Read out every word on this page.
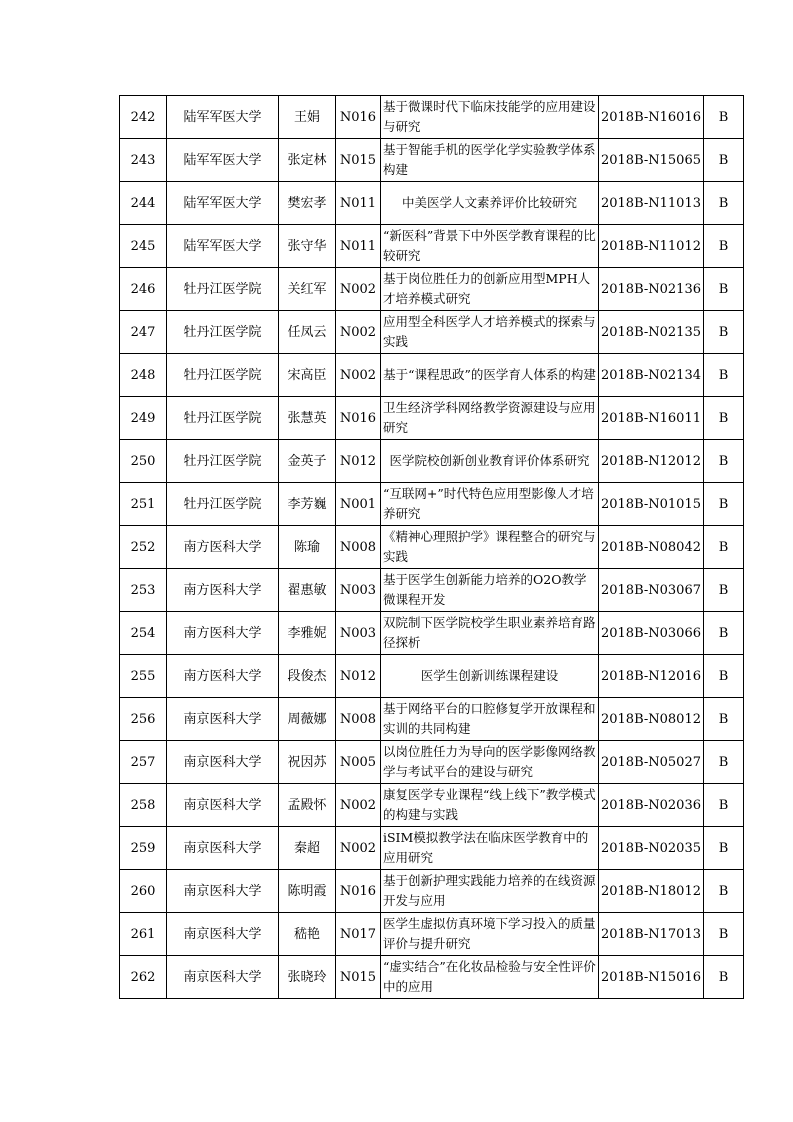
242	陆军军医大学	王娟	N016	基于微课时代下临床技能学的应用建设与研究	2018B-N16016	B
243	陆军军医大学	张定林	N015	基于智能手机的医学化学实验教学体系构建	2018B-N15065	B
244	陆军军医大学	樊宏孝	N011	中美医学人文素养评价比较研究	2018B-N11013	B
245	陆军军医大学	张守华	N011	“新医科”背景下中外医学教育课程的比较研究	2018B-N11012	B
246	牡丹江医学院	关红军	N002	基于岗位胜任力的创新应用型MPH人才培养模式研究	2018B-N02136	B
247	牡丹江医学院	任凤云	N002	应用型全科医学人才培养模式的探索与实践	2018B-N02135	B
248	牡丹江医学院	宋高臣	N002	基于“课程思政”的医学育人体系的构建	2018B-N02134	B
249	牡丹江医学院	张慧英	N016	卫生经济学科网络教学资源建设与应用研究	2018B-N16011	B
250	牡丹江医学院	金英子	N012	医学院校创新创业教育评价体系研究	2018B-N12012	B
251	牡丹江医学院	李芳巍	N001	“互联网+”时代特色应用型影像人才培养研究	2018B-N01015	B
252	南方医科大学	陈瑜	N008	《精神心理照护学》课程整合的研究与实践	2018B-N08042	B
253	南方医科大学	翟惠敏	N003	基于医学生创新能力培养的O2O教学微课程开发	2018B-N03067	B
254	南方医科大学	李雅妮	N003	双院制下医学院校学生职业素养培育路径探析	2018B-N03066	B
255	南方医科大学	段俊杰	N012	医学生创新训练课程建设	2018B-N12016	B
256	南京医科大学	周薇娜	N008	基于网络平台的口腔修复学开放课程和实训的共同构建	2018B-N08012	B
257	南京医科大学	祝因苏	N005	以岗位胜任力为导向的医学影像网络教学与考试平台的建设与研究	2018B-N05027	B
258	南京医科大学	孟殿怀	N002	康复医学专业课程“线上线下”教学模式的构建与实践	2018B-N02036	B
259	南京医科大学	秦超	N002	iSIM模拟教学法在临床医学教育中的应用研究	2018B-N02035	B
260	南京医科大学	陈明霞	N016	基于创新护理实践能力培养的在线资源开发与应用	2018B-N18012	B
261	南京医科大学	嵇艳	N017	医学生虚拟仿真环境下学习投入的质量评价与提升研究	2018B-N17013	B
262	南京医科大学	张晓玲	N015	“虚实结合”在化妆品检验与安全性评价中的应用	2018B-N15016	B
